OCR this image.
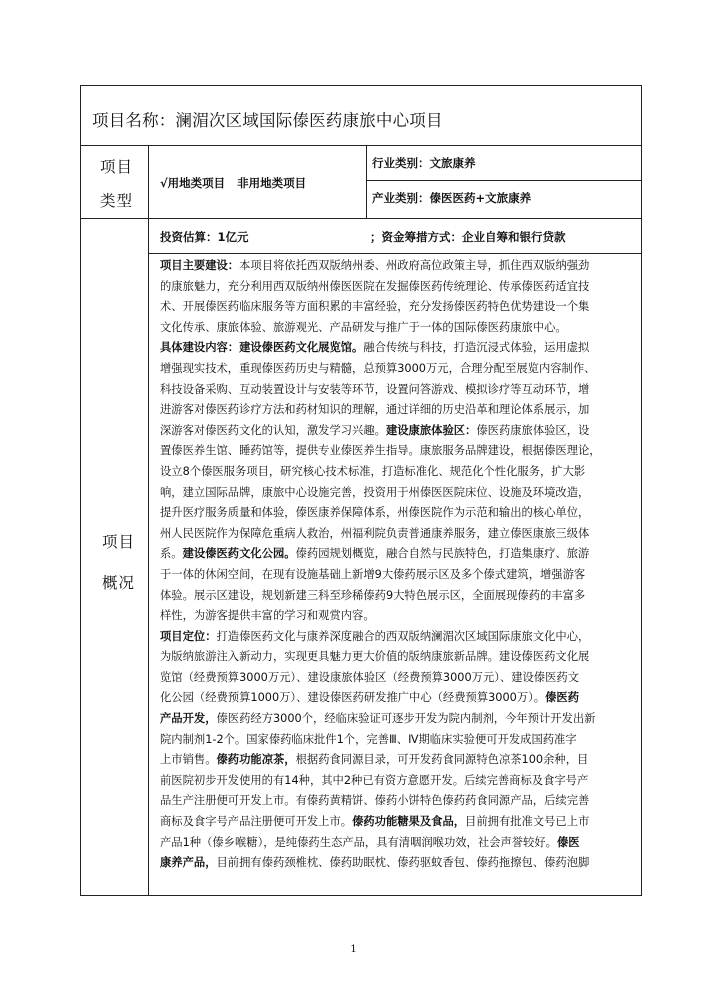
项目名称：澜湄次区域国际傣医药康旅中心项目
项目
类型
√用地类项目   非用地类项目
行业类别：文旅康养
产业类别：傣医医药+文旅康养
项目
概况
投资估算：1亿元	；资金筹措方式：企业自筹和银行贷款

项目主要建设：本项目将依托西双版纳州委、州政府高位政策主导，抓住西双版纳强劲

的康旅魅力，充分利用西双版纳州傣医医院在发掘傣医药传统理论、传承傣医药适宜技

术、开展傣医药临床服务等方面积累的丰富经验，充分发扬傣医药特色优势建设一个集

文化传承、康旅体验、旅游观光、产品研发与推广于一体的国际傣医药康旅中心。

具体建设内容：建设傣医药文化展览馆。融合传统与科技，打造沉浸式体验，运用虚拟

增强现实技术，重现傣医药历史与精髓，总预算3000万元，合理分配至展览内容制作、

科技设备采购、互动装置设计与安装等环节，设置问答游戏、模拟诊疗等互动环节，增

进游客对傣医药诊疗方法和药材知识的理解，通过详细的历史沿革和理论体系展示，加

深游客对傣医药文化的认知，激发学习兴趣。建设康旅体验区：傣医药康旅体验区，设

置傣医养生馆、睡药馆等，提供专业傣医养生指导。康旅服务品牌建设，根据傣医理论，

设立8个傣医服务项目，研究核心技术标准，打造标准化、规范化个性化服务，扩大影

响，建立国际品牌，康旅中心设施完善，投资用于州傣医医院床位、设施及环境改造，

提升医疗服务质量和体验，傣医康养保障体系，州傣医院作为示范和输出的核心单位，

州人民医院作为保障危重病人救治，州福利院负责普通康养服务，建立傣医康旅三级体

系。建设傣医药文化公园。傣药园规划概览，融合自然与民族特色，打造集康疗、旅游

于一体的休闲空间，在现有设施基础上新增9大傣药展示区及多个傣式建筑，增强游客

体验。展示区建设，规划新建三科至珍稀傣药9大特色展示区，全面展现傣药的丰富多

样性，为游客提供丰富的学习和观赏内容。

项目定位：打造傣医药文化与康养深度融合的西双版纳澜湄次区域国际康旅文化中心，

为版纳旅游注入新动力，实现更具魅力更大价值的版纳康旅新品牌。建设傣医药文化展

览馆（经费预算3000万元）、建设康旅体验区（经费预算3000万元）、建设傣医药文

化公园（经费预算1000万）、建设傣医药研发推广中心（经费预算3000万）。傣医药

产品开发，傣医药经方3000个，经临床验证可逐步开发为院内制剂，今年预计开发出新

院内制剂1-2个。国家傣药临床批件1个，完善Ⅲ、Ⅳ期临床实验便可开发成国药准字

上市销售。傣药功能凉茶，根据药食同源目录，可开发药食同源特色凉茶100余种，目

前医院初步开发使用的有14种，其中2种已有资方意愿开发。后续完善商标及食字号产

品生产注册便可开发上市。有傣药黄精饼、傣药小饼特色傣药药食同源产品，后续完善

商标及食字号产品注册便可开发上市。傣药功能糖果及食品，目前拥有批准文号已上市

产品1种（傣乡喉糖），是纯傣药生态产品，具有清咽润喉功效，社会声誉较好。傣医

康养产品，目前拥有傣药颈椎枕、傣药助眠枕、傣药驱蚊香包、傣药拖擦包、傣药泡脚

1
